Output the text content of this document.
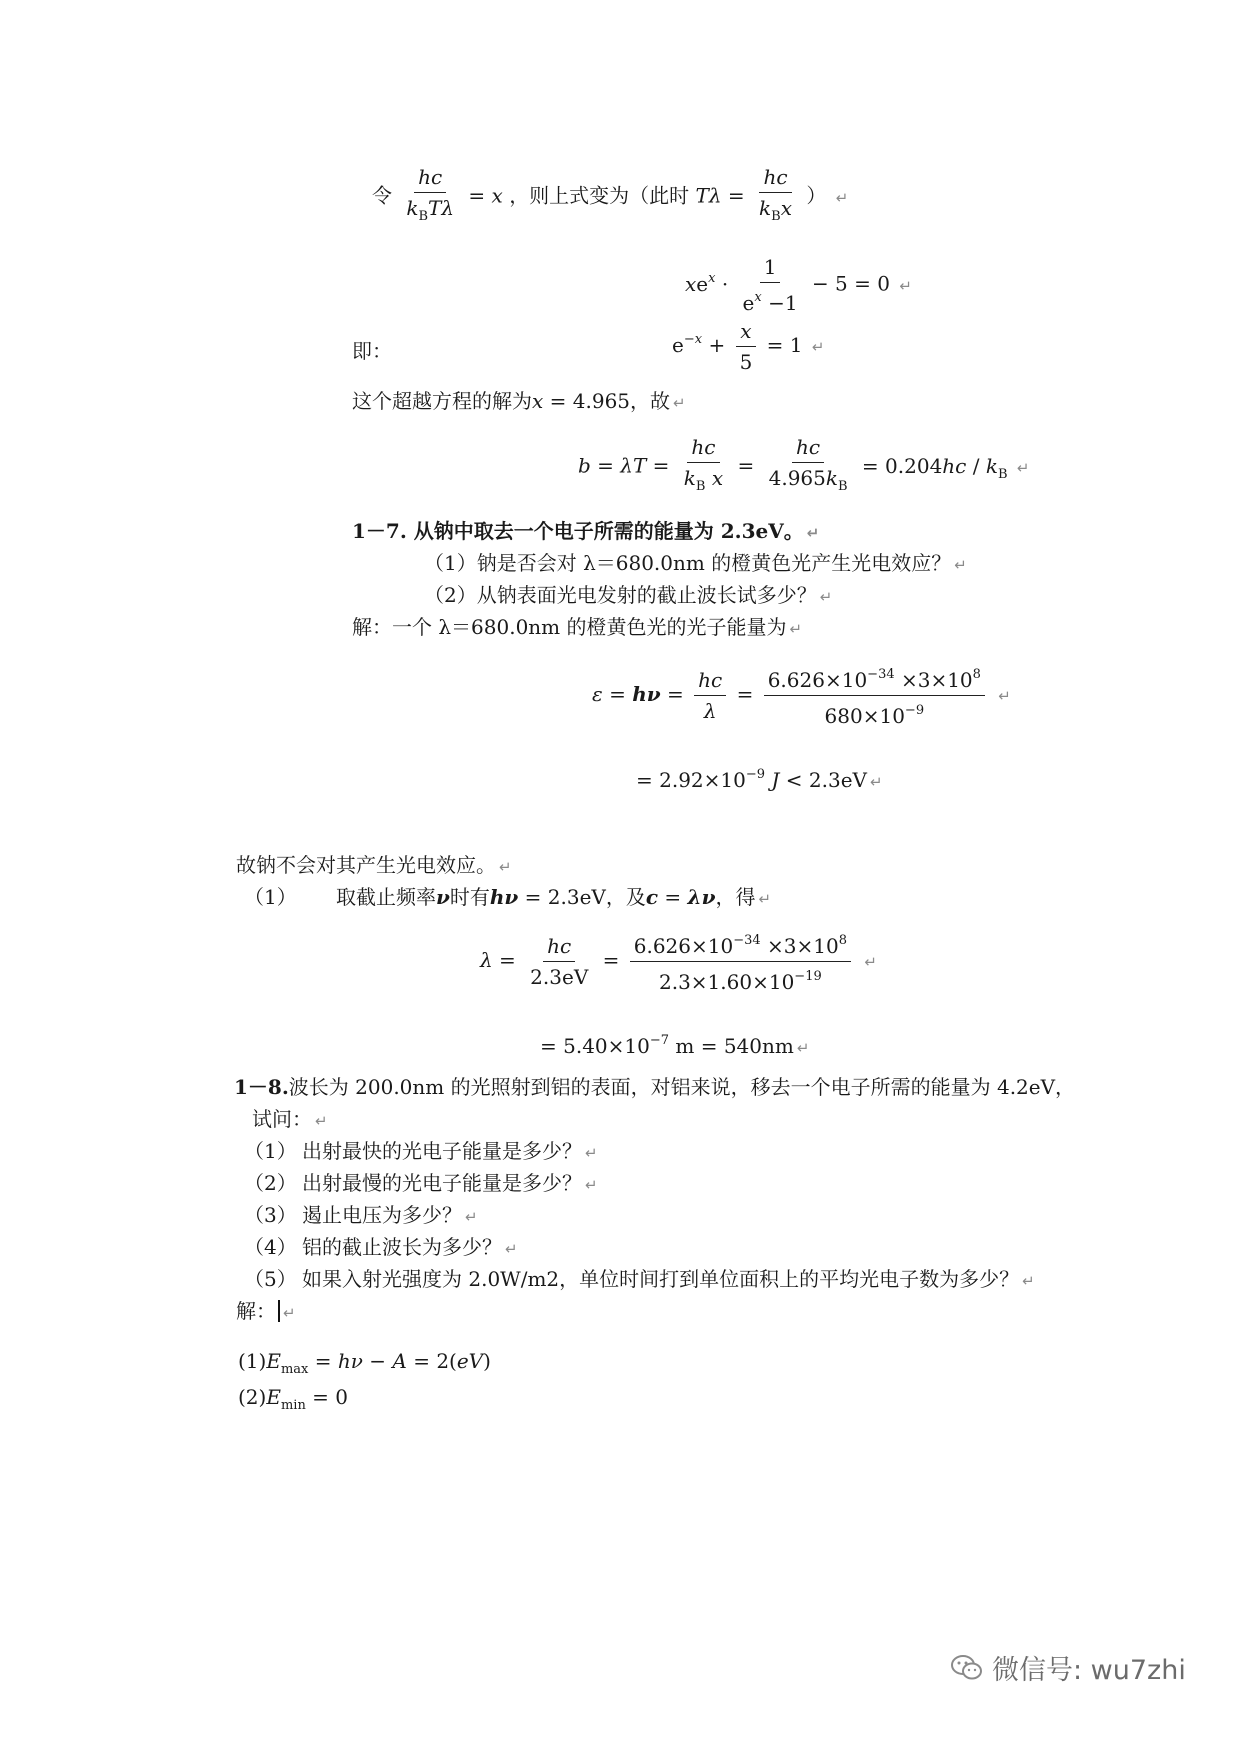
令 $\frac{hc}{k_BT\lambda} = x$ ，则上式变为（此时 $T\lambda = \frac{hc}{k_Bx}$ ） ↵
$xe^x \cdot \frac{1}{e^x -1} - 5 = 0$ ↵
即：	$e^{-x} + \frac{x}{5} = 1$ ↵
这个超越方程的解为x = 4.965，故 ↵
$b = \lambda T = \frac{hc}{k_B x} = \frac{hc}{4.965k_B} = 0.204hc / k_B$ ↵
1－7. 从钠中取去一个电子所需的能量为 2.3eV。 ↵
（1）钠是否会对 λ＝680.0nm 的橙黄色光产生光电效应？ ↵
（2）从钠表面光电发射的截止波长试多少？ ↵
解：一个 λ＝680.0nm 的橙黄色光的光子能量为 ↵
$\varepsilon = h\nu = \frac{hc}{\lambda} = \frac{6.626\times 10^{-34} \times 3\times 10^8}{680\times 10^{-9}}$ ↵
= $2.92\times 10^{-9}$ J < 2.3eV ↵
故钠不会对其产生光电效应。 ↵
（1） 取截止频率ν时有hν = 2.3eV，及c = λν，得 ↵
$\lambda = \frac{hc}{2.3eV} = \frac{6.626\times 10^{-34} \times 3\times 10^8}{2.3\times 1.60\times 10^{-19}}$ ↵
= $5.40\times 10^{-7}$ m = 540nm ↵
1－8.波长为 200.0nm 的光照射到铝的表面，对铝来说，移去一个电子所需的能量为 4.2eV，
试问： ↵
（1） 出射最快的光电子能量是多少？ ↵
（2） 出射最慢的光电子能量是多少？ ↵
（3） 遏止电压为多少？ ↵
（4） 铝的截止波长为多少？ ↵
（5） 如果入射光强度为 2.0W/m2，单位时间打到单位面积上的平均光电子数为多少？ ↵
解： ↵
$(1)E_{max} = h\nu - A = 2(eV)$
$(2)E_{min} = 0$
微信号: wu7zhi
